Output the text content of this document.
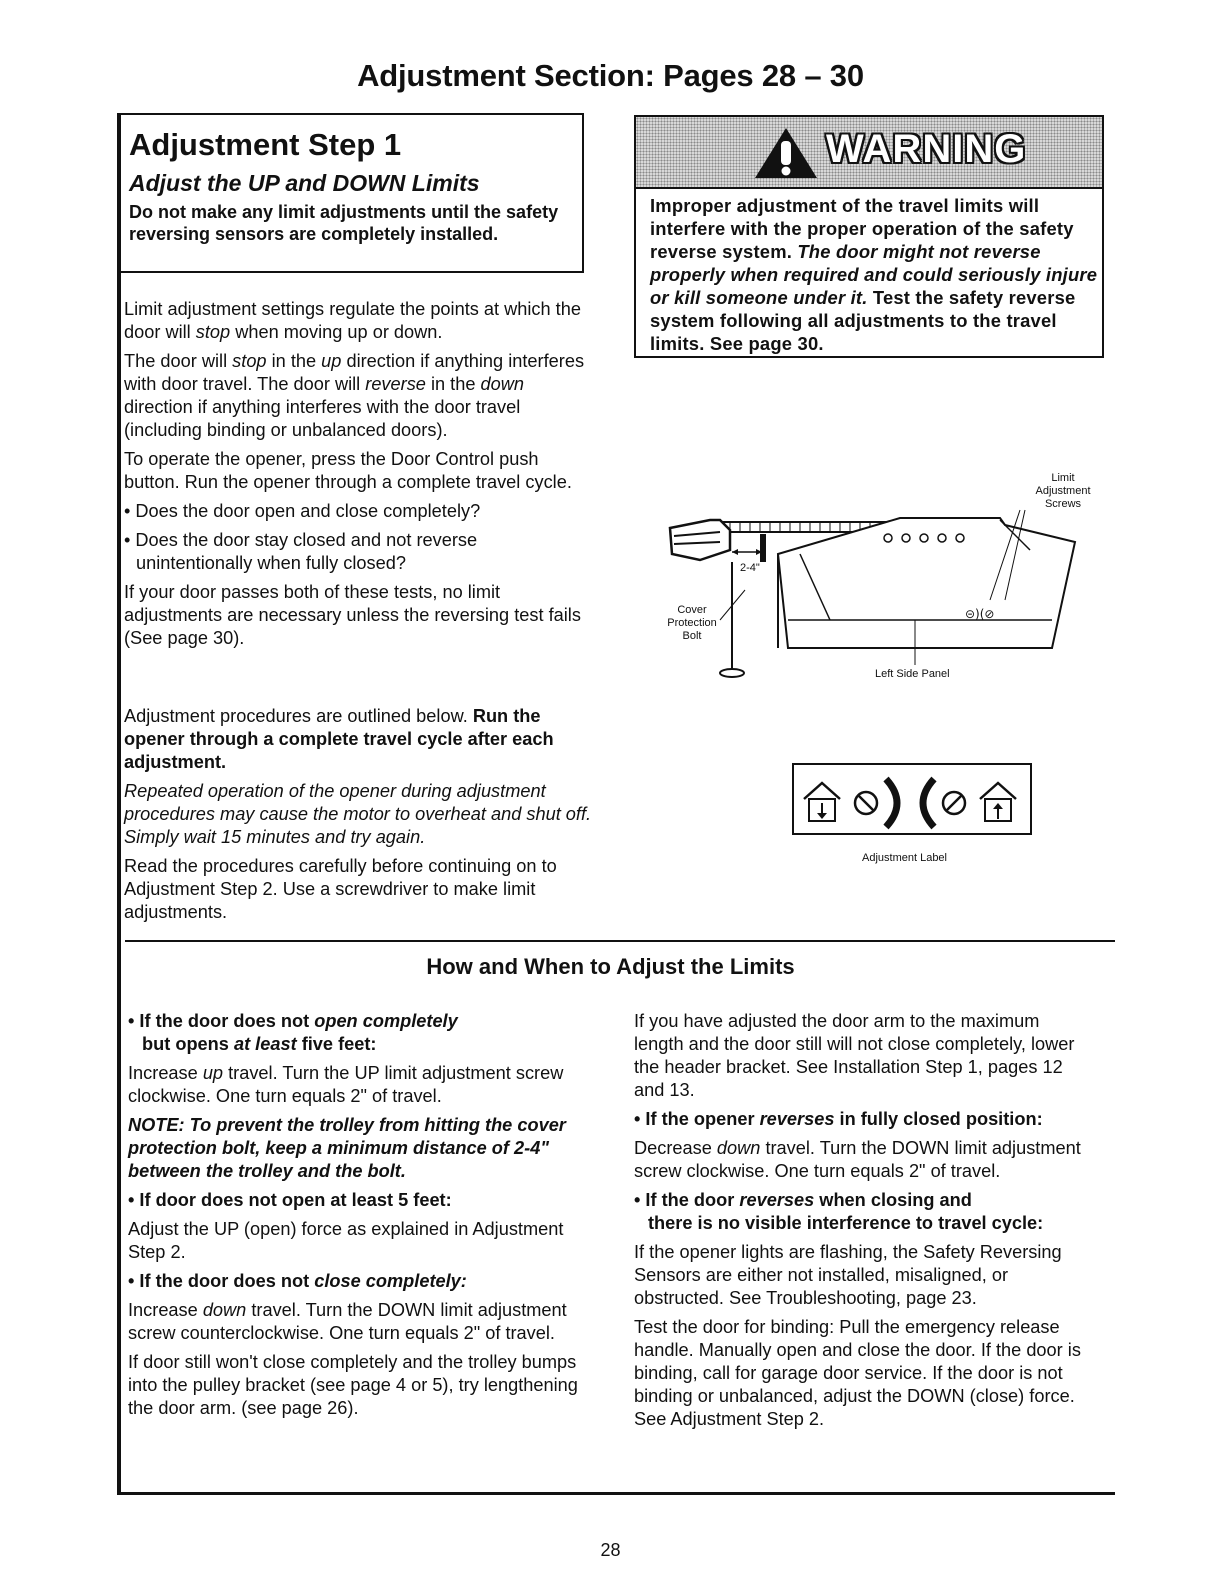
Adjustment Section: Pages 28 – 30
Adjustment Step 1
Adjust the UP and DOWN Limits
Do not make any limit adjustments until the safety reversing sensors are completely installed.

Limit adjustment settings regulate the points at which the door will stop when moving up or down.

The door will stop in the up direction if anything interferes with door travel. The door will reverse in the down direction if anything interferes with the door travel (including binding or unbalanced doors).

To operate the opener, press the Door Control push button. Run the opener through a complete travel cycle.

• Does the door open and close completely?

• Does the door stay closed and not reverse unintentionally when fully closed?

If your door passes both of these tests, no limit adjustments are necessary unless the reversing test fails (See page 30).

Adjustment procedures are outlined below. Run the opener through a complete travel cycle after each adjustment.

Repeated operation of the opener during adjustment procedures may cause the motor to overheat and shut off. Simply wait 15 minutes and try again.

Read the procedures carefully before continuing on to Adjustment Step 2. Use a screwdriver to make limit adjustments.

WARNING
Improper adjustment of the travel limits will interfere with the proper operation of the safety reverse system. The door might not reverse properly when required and could seriously injure or kill someone under it. Test the safety reverse system following all adjustments to the travel limits. See page 30.
⊝)(⊘
Limit
Adjustment
Screws
Cover
Protection
Bolt
2-4"
Left Side Panel
Adjustment Label
How and When to Adjust the Limits

• If the door does not open completely

but opens at least five feet:

Increase up travel. Turn the UP limit adjustment screw clockwise. One turn equals 2" of travel.

NOTE: To prevent the trolley from hitting the cover protection bolt, keep a minimum distance of 2-4" between the trolley and the bolt.

• If door does not open at least 5 feet:

Adjust the UP (open) force as explained in Adjustment Step 2.

• If the door does not close completely:

Increase down travel. Turn the DOWN limit adjustment screw counterclockwise. One turn equals 2" of travel.

If door still won't close completely and the trolley bumps into the pulley bracket (see page 4 or 5), try lengthening the door arm. (see page 26).

If you have adjusted the door arm to the maximum length and the door still will not close completely, lower the header bracket. See Installation Step 1, pages 12 and 13.

• If the opener reverses in fully closed position:

Decrease down travel. Turn the DOWN limit adjustment screw clockwise. One turn equals 2" of travel.

• If the door reverses when closing and

there is no visible interference to travel cycle:

If the opener lights are flashing, the Safety Reversing Sensors are either not installed, misaligned, or obstructed. See Troubleshooting, page 23.

Test the door for binding: Pull the emergency release handle. Manually open and close the door. If the door is binding, call for garage door service. If the door is not binding or unbalanced, adjust the DOWN (close) force. See Adjustment Step 2.

28
